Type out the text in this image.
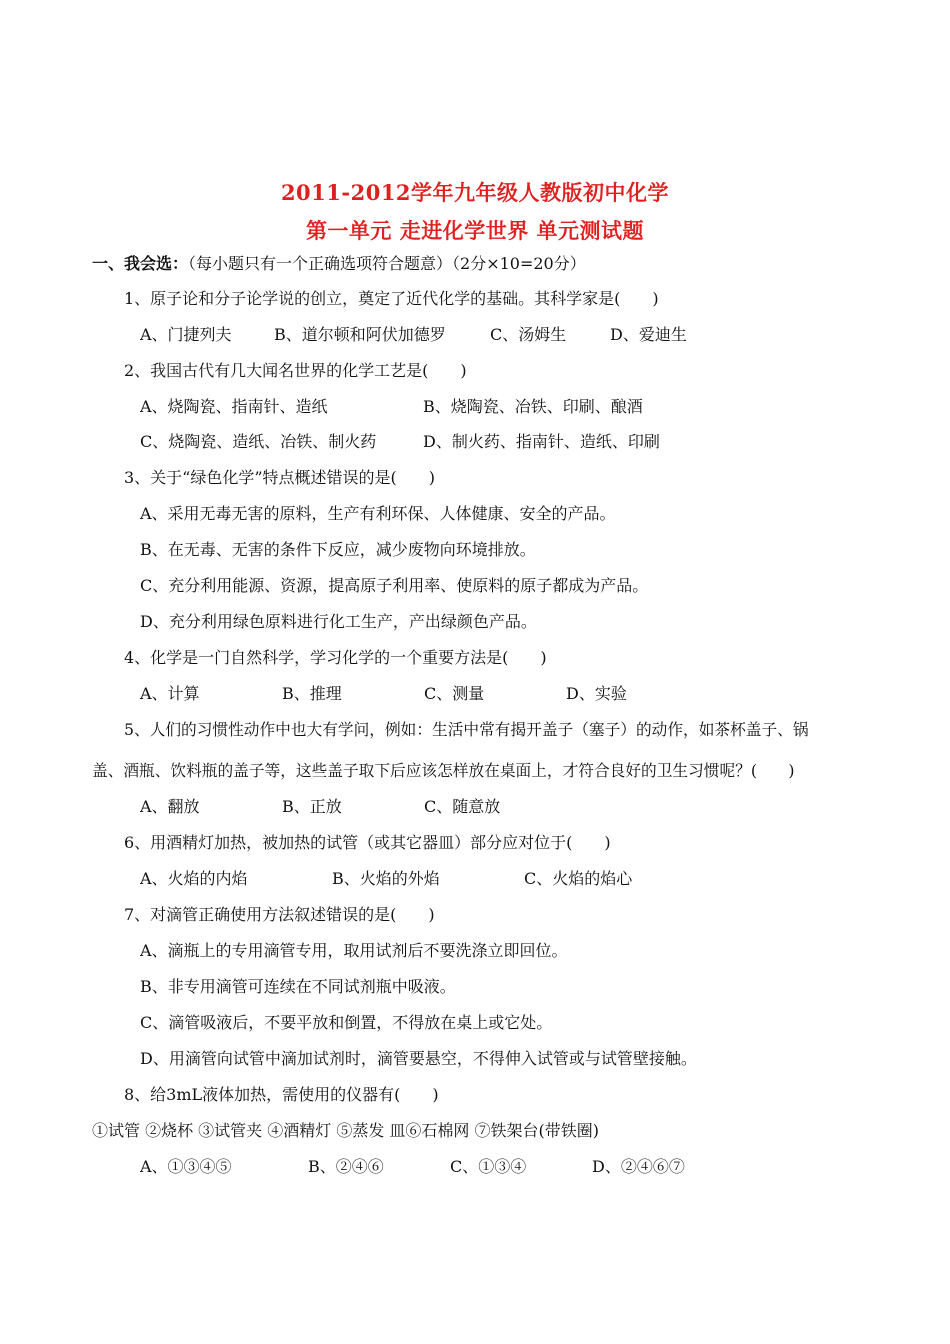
2011-2012学年九年级人教版初中化学
第一单元 走进化学世界 单元测试题
一、我会选：（每小题只有一个正确选项符合题意）（2分×10=20分）
1、原子论和分子论学说的创立，奠定了近代化学的基础。其科学家是(　　)
A、门捷列夫	B、道尔顿和阿伏加德罗	C、汤姆生	D、爱迪生
2、我国古代有几大闻名世界的化学工艺是(　　)
A、烧陶瓷、指南针、造纸	B、烧陶瓷、冶铁、印刷、酿酒
C、烧陶瓷、造纸、冶铁、制火药	D、制火药、指南针、造纸、印刷
3、关于“绿色化学”特点概述错误的是(　　)
A、采用无毒无害的原料，生产有利环保、人体健康、安全的产品。
B、在无毒、无害的条件下反应，减少废物向环境排放。
C、充分利用能源、资源，提高原子利用率、使原料的原子都成为产品。
D、充分利用绿色原料进行化工生产，产出绿颜色产品。
4、化学是一门自然科学，学习化学的一个重要方法是(　　)
A、计算	B、推理	C、测量	D、实验
5、人们的习惯性动作中也大有学问，例如：生活中常有揭开盖子（塞子）的动作，如茶杯盖子、锅
盖、酒瓶、饮料瓶的盖子等，这些盖子取下后应该怎样放在桌面上，才符合良好的卫生习惯呢？(　　)
A、翻放	B、正放	C、随意放
6、用酒精灯加热，被加热的试管（或其它器皿）部分应对位于(　　)
A、火焰的内焰	B、火焰的外焰	C、火焰的焰心
7、对滴管正确使用方法叙述错误的是(　　)
A、滴瓶上的专用滴管专用，取用试剂后不要洗涤立即回位。
B、非专用滴管可连续在不同试剂瓶中吸液。
C、滴管吸液后，不要平放和倒置，不得放在桌上或它处。
D、用滴管向试管中滴加试剂时，滴管要悬空，不得伸入试管或与试管壁接触。
8、给3mL液体加热，需使用的仪器有(　　)
①试管 ②烧杯 ③试管夹 ④酒精灯 ⑤蒸发 皿⑥石棉网 ⑦铁架台(带铁圈)
A、①③④⑤	B、②④⑥	C、①③④	D、②④⑥⑦
